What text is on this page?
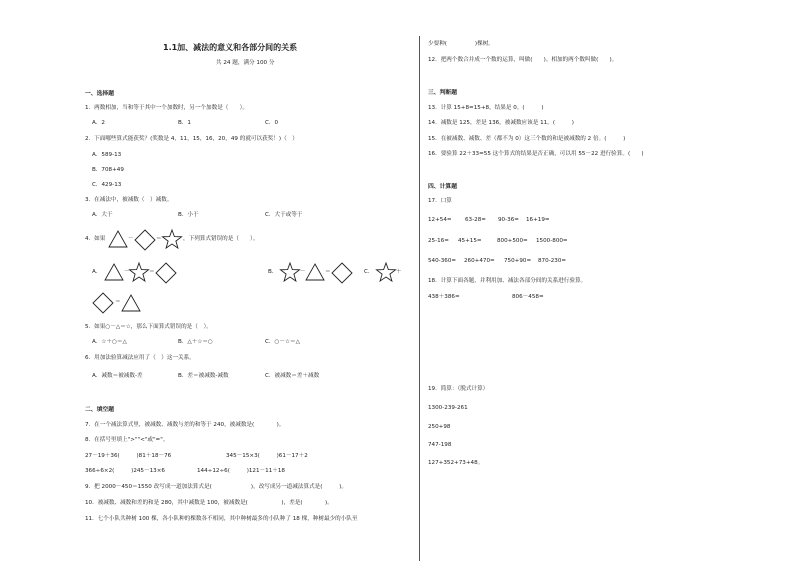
1.1加、减法的意义和各部分间的关系
共 24 题，满分 100 分
一、选择题
1．两数相加，当和等于其中一个加数时，另一个加数是（　　）。
A．2	B．1	C．0
2．下面哪些算式能获奖？(奖数是 4，11，15，16，20，49 的就可以获奖！)（　）
A．589-13
B．708+49
C．429-13
3．在减法中，被减数（　）减数。
A．大于	B．小于	C．大于或等于
4．如果	－	＝	，下列算式错误的是（　　）。
A．	－	＝	B．	－	＝	C．	＋
＝
5．如果○－△＝☆，那么下面算式错误的是（　）。
A．☆＋○＝△	B．△＋☆＝○	C．○－☆＝△
6．用加法验算减法应用了（　）这一关系。
A．减数＝被减数-差	B．差＝被减数-减数	C．被减数＝差＋减数
二、填空题
7．在一个减法算式里，被减数、减数与差的和等于 240，被减数是(　　　　)。
8．在括号里填上">""<"或"="。
27－19＋36(　　　)81＋18－76	345－15×3(　　　)61－17＋2
366÷6×2(　　　)245－13×6	144÷12÷6(　　　)121－11＋18
9．把 2000－450＝1550 改写成一道加法算式是(　　　　　　　)，改写成另一道减法算式是(　　　)。
10．被减数、减数和差的和是 280，其中减数是 100，被减数是(　　　　　　)，差是(　　　　)。
11．七个小队共种树 100 棵，各小队种的棵数各不相同，其中种树最多的小队种了 18 棵，种树最少的小队至
少要种(　　　　　)棵树。
12．把两个数合并成一个数的运算，叫做(　　)。相加的两个数叫做(　　)。
三、判断题
13．计算 15+8=15+8，结果是 0。(　　　)
14．减数是 125，差是 136，被减数应该是 11。(　　　)
15．在被减数、减数、差（都不为 0）这三个数的和是被减数的 2 倍。(　　　)
16．要验算 22＋33=55 这个算式的结果是否正确，可以用 55－22 进行验算。(　　)
四、计算题
17．口算
12+54= 63-28= 90-36= 16+19=
25-16= 45+15=	800+500= 1500-800=
540-360= 260+470= 750+90= 870-230=
18．计算下面各题，并利用加、减法各部分间的关系进行验算。
438＋386=	806－458=
19．简算：（脱式计算）
1300-239-261
250+98
747-198
127+352+73+48。
